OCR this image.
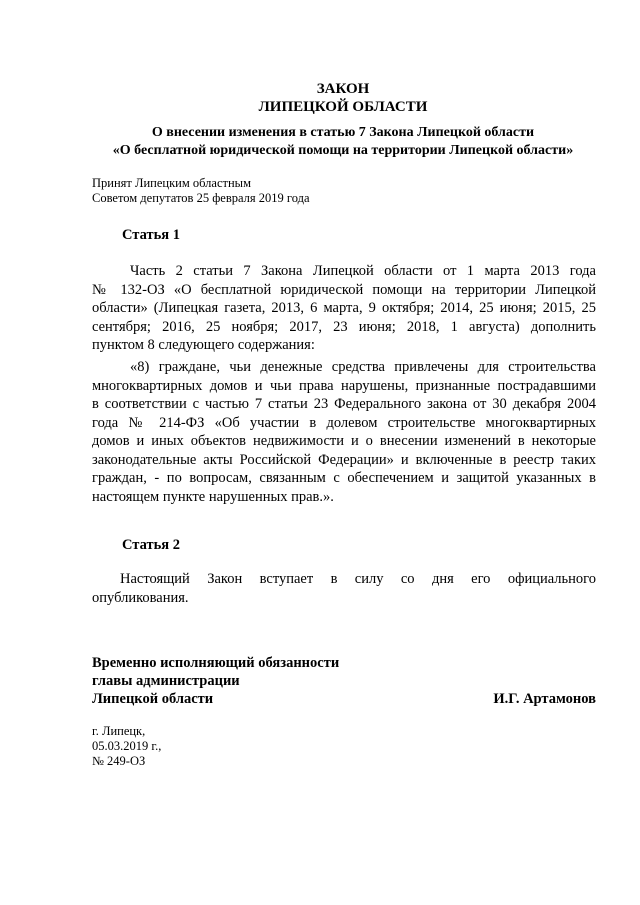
ЗАКОН
ЛИПЕЦКОЙ ОБЛАСТИ
О внесении изменения в статью 7 Закона Липецкой области
«О бесплатной юридической помощи на территории Липецкой области»
Принят Липецким областным
Советом депутатов 25 февраля 2019 года
Статья 1
Часть 2 статьи 7 Закона Липецкой области от 1 марта 2013 года
№ 132-ОЗ «О бесплатной юридической помощи на территории Липецкой
области» (Липецкая газета, 2013, 6 марта, 9 октября; 2014, 25 июня; 2015, 25
сентября; 2016, 25 ноября; 2017, 23 июня; 2018, 1 августа) дополнить
пунктом 8 следующего содержания:
«8) граждане, чьи денежные средства привлечены для строительства
многоквартирных домов и чьи права нарушены, признанные пострадавшими
в соответствии с частью 7 статьи 23 Федерального закона от 30 декабря 2004
года № 214-ФЗ «Об участии в долевом строительстве многоквартирных
домов и иных объектов недвижимости и о внесении изменений в некоторые
законодательные акты Российской Федерации» и включенные в реестр таких
граждан, - по вопросам, связанным с обеспечением и защитой указанных в
настоящем пункте нарушенных прав.».
Статья 2
Настоящий Закон вступает в силу со дня его официального
опубликования.
Временно исполняющий обязанности
главы администрации
Липецкой области	И.Г. Артамонов
г. Липецк,
05.03.2019 г.,
№ 249-ОЗ
